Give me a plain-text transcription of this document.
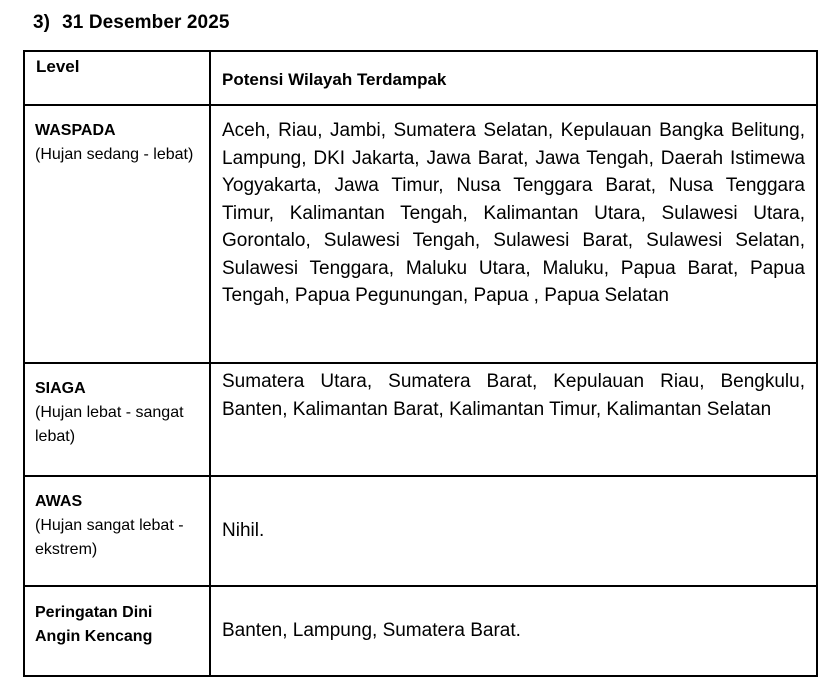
3) 31 Desember 2025
Level	Potensi Wilayah Terdampak

WASPADA
(Hujan sedang - lebat)	Aceh, Riau, Jambi, Sumatera Selatan, Kepulauan Bangka Belitung, Lampung, DKI Jakarta, Jawa Barat, Jawa Tengah, Daerah Istimewa Yogyakarta, Jawa Timur, Nusa Tenggara Barat, Nusa Tenggara Timur, Kalimantan Tengah, Kalimantan Utara, Sulawesi Utara, Gorontalo, Sulawesi Tengah, Sulawesi Barat, Sulawesi Selatan, Sulawesi Tenggara, Maluku Utara, Maluku, Papua Barat, Papua Tengah, Papua Pegunungan, Papua , Papua Selatan

SIAGA
(Hujan lebat - sangat lebat)	Sumatera Utara, Sumatera Barat, Kepulauan Riau, Bengkulu, Banten, Kalimantan Barat, Kalimantan Timur, Kalimantan Selatan

AWAS
(Hujan sangat lebat - ekstrem)	Nihil.

Peringatan Dini Angin Kencang	Banten, Lampung, Sumatera Barat.
